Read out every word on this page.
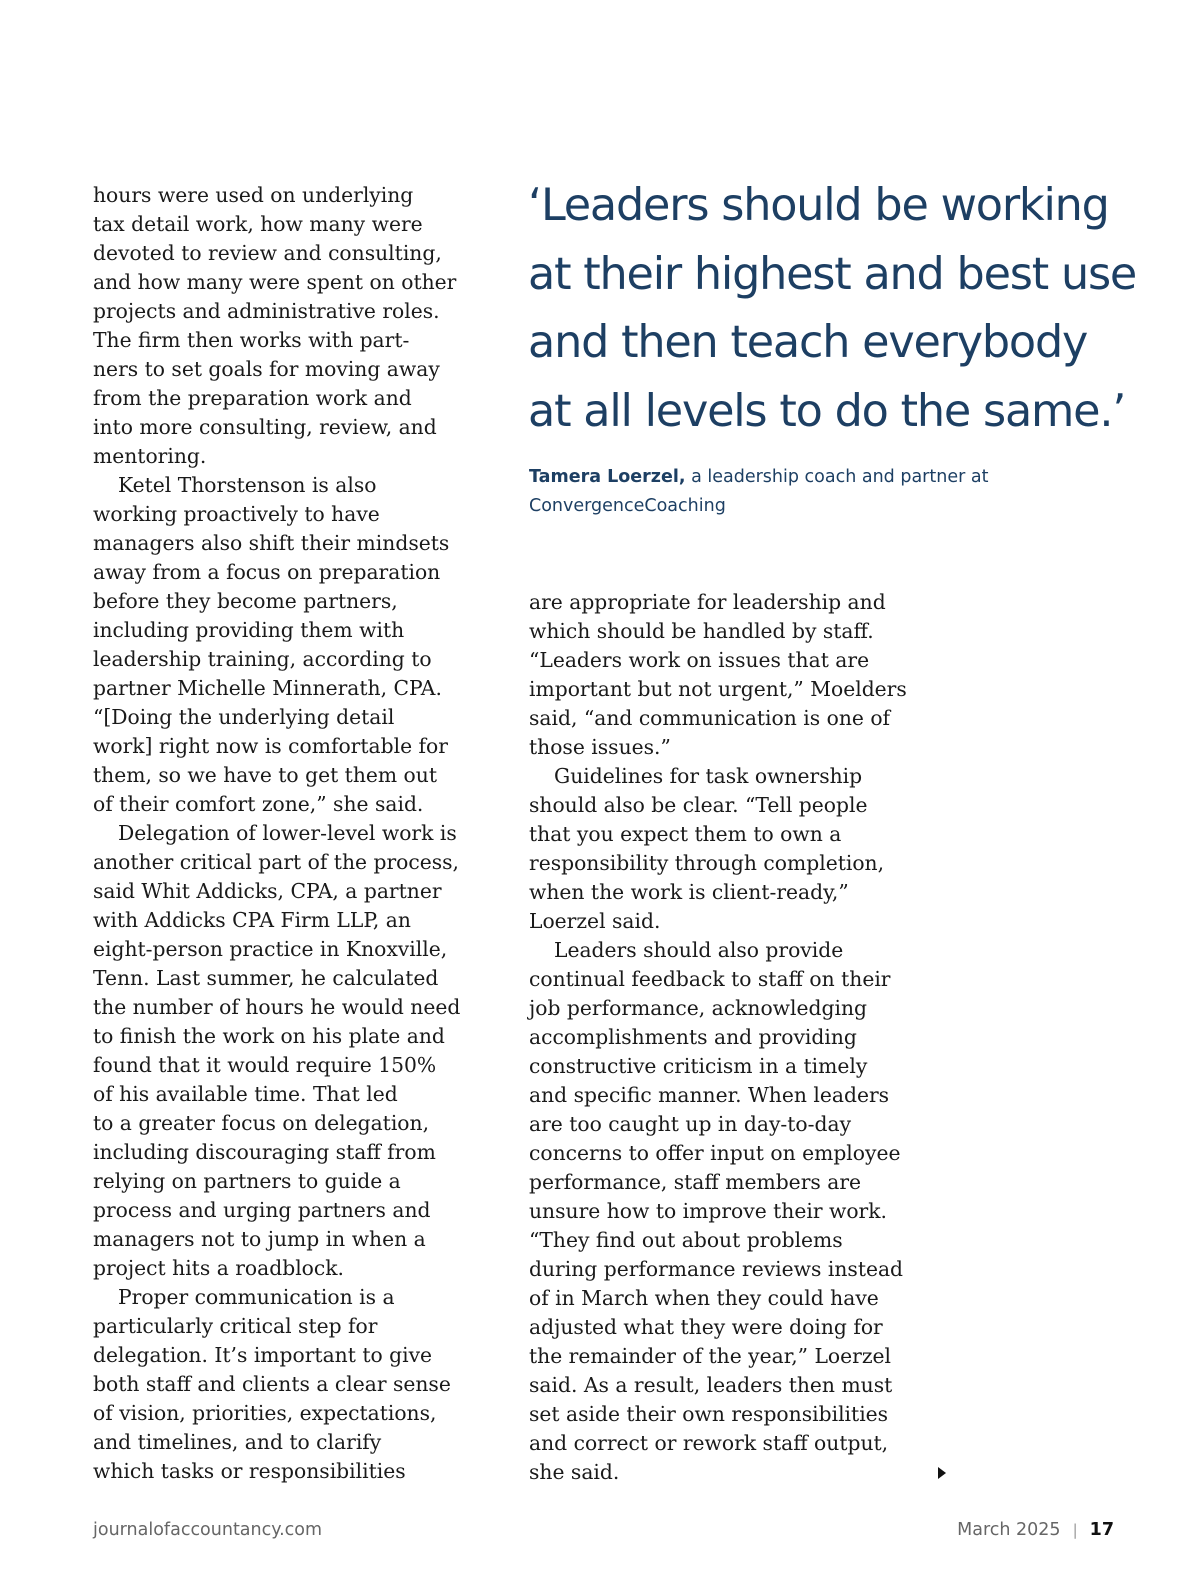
hours were used on underlying
tax detail work, how many were
devoted to review and consulting,
and how many were spent on other
projects and administrative roles.
The firm then works with part-
ners to set goals for moving away
from the preparation work and
into more consulting, review, and
mentoring.
Ketel Thorstenson is also
working proactively to have
managers also shift their mindsets
away from a focus on preparation
before they become partners,
including providing them with
leadership training, according to
partner Michelle Minnerath, CPA.
“[Doing the underlying detail
work] right now is comfortable for
them, so we have to get them out
of their comfort zone,” she said.
Delegation of lower-level work is
another critical part of the process,
said Whit Addicks, CPA, a partner
with Addicks CPA Firm LLP, an
eight-person practice in Knoxville,
Tenn. Last summer, he calculated
the number of hours he would need
to finish the work on his plate and
found that it would require 150%
of his available time. That led
to a greater focus on delegation,
including discouraging staff from
relying on partners to guide a
process and urging partners and
managers not to jump in when a
project hits a roadblock.
Proper communication is a
particularly critical step for
delegation. It’s important to give
both staff and clients a clear sense
of vision, priorities, expectations,
and timelines, and to clarify
which tasks or responsibilities
‘Leaders should be working
at their highest and best use
and then teach everybody
at all levels to do the same.’
Tamera Loerzel, a leadership coach and partner at
ConvergenceCoaching
are appropriate for leadership and
which should be handled by staff.
“Leaders work on issues that are
important but not urgent,” Moelders
said, “and communication is one of
those issues.”
Guidelines for task ownership
should also be clear. “Tell people
that you expect them to own a
responsibility through completion,
when the work is client-ready,”
Loerzel said.
Leaders should also provide
continual feedback to staff on their
job performance, acknowledging
accomplishments and providing
constructive criticism in a timely
and specific manner. When leaders
are too caught up in day-to-day
concerns to offer input on employee
performance, staff members are
unsure how to improve their work.
“They find out about problems
during performance reviews instead
of in March when they could have
adjusted what they were doing for
the remainder of the year,” Loerzel
said. As a result, leaders then must
set aside their own responsibilities
and correct or rework staff output,
she said.
journalofaccountancy.com	March 2025 | 17
